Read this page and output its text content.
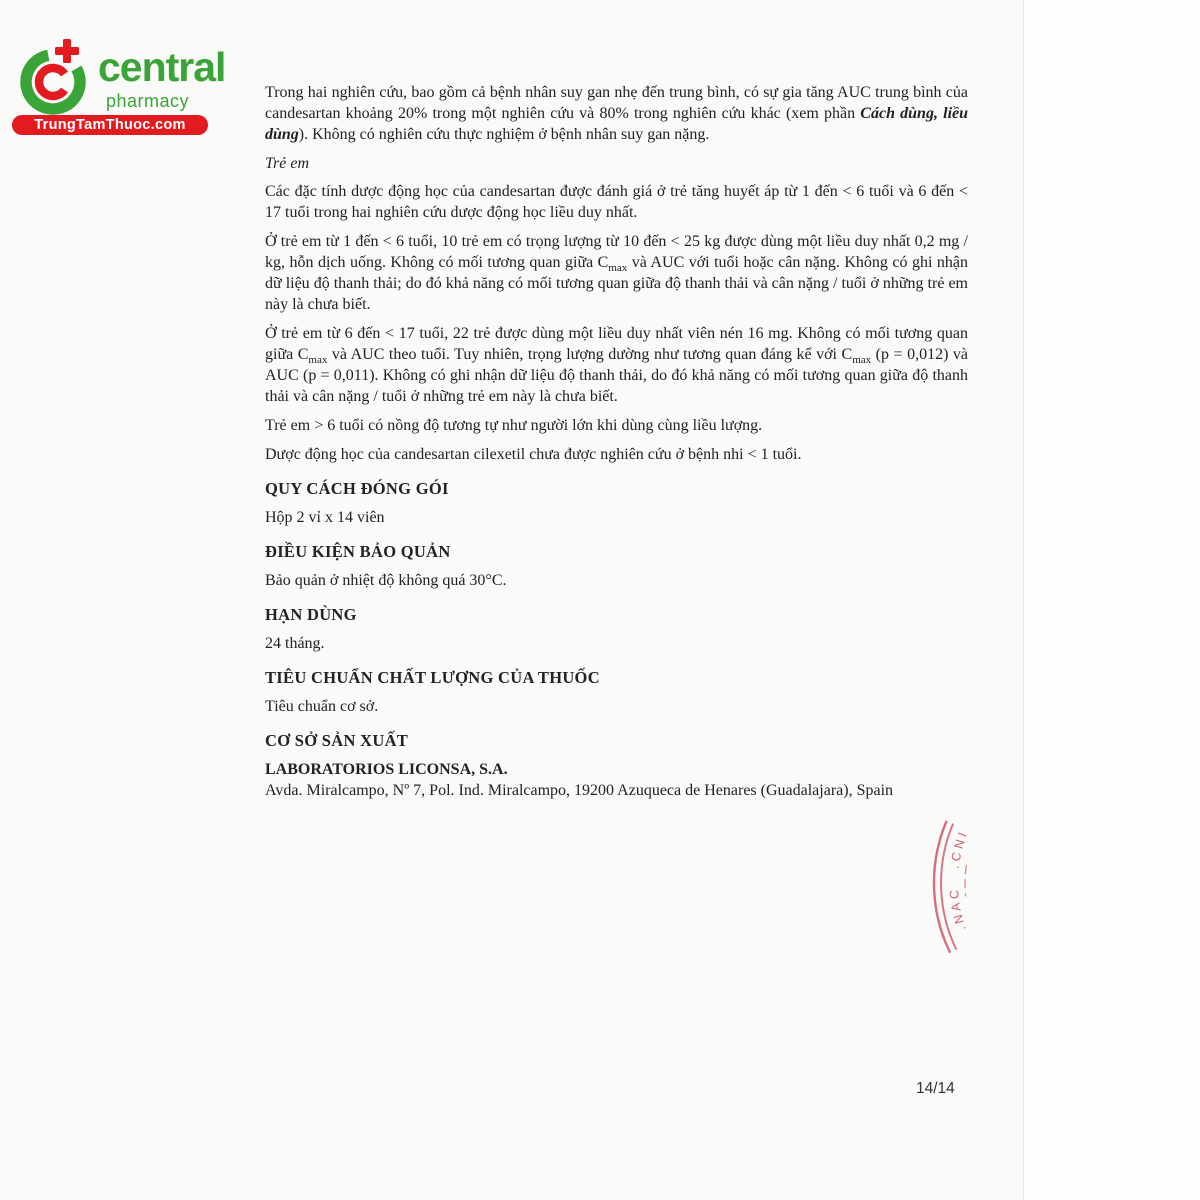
central
pharmacy
TrungTamThuoc.com

Trong hai nghiên cứu, bao gồm cả bệnh nhân suy gan nhẹ đến trung bình, có sự gia tăng AUC trung bình của candesartan khoảng 20% trong một nghiên cứu và 80% trong nghiên cứu khác (xem phần Cách dùng, liều dùng). Không có nghiên cứu thực nghiệm ở bệnh nhân suy gan nặng.

Trẻ em

Các đặc tính dược động học của candesartan được đánh giá ở trẻ tăng huyết áp từ 1 đến < 6 tuổi và 6 đến < 17 tuổi trong hai nghiên cứu dược động học liều duy nhất.

Ở trẻ em từ 1 đến < 6 tuổi, 10 trẻ em có trọng lượng từ 10 đến < 25 kg được dùng một liều duy nhất 0,2 mg / kg, hỗn dịch uống. Không có mối tương quan giữa $C_{max}$ và AUC với tuổi hoặc cân nặng. Không có ghi nhận dữ liệu độ thanh thải; do đó khả năng có mối tương quan giữa độ thanh thải và cân nặng / tuổi ở những trẻ em này là chưa biết.

Ở trẻ em từ 6 đến < 17 tuổi, 22 trẻ được dùng một liều duy nhất viên nén 16 mg. Không có mối tương quan giữa $C_{max}$ và AUC theo tuổi. Tuy nhiên, trọng lượng dường như tương quan đáng kể với $C_{max}$ (p = 0,012) và AUC (p = 0,011). Không có ghi nhận dữ liệu độ thanh thải, do đó khả năng có mối tương quan giữa độ thanh thải và cân nặng / tuổi ở những trẻ em này là chưa biết.

Trẻ em > 6 tuổi có nồng độ tương tự như người lớn khi dùng cùng liều lượng.

Dược động học của candesartan cilexetil chưa được nghiên cứu ở bệnh nhi < 1 tuổi.

QUY CÁCH ĐÓNG GÓI

Hộp 2 vỉ x 14 viên

ĐIỀU KIỆN BẢO QUẢN

Bảo quản ở nhiệt độ không quá 30°C.

HẠN DÙNG

24 tháng.

TIÊU CHUẨN CHẤT LƯỢNG CỦA THUỐC

Tiêu chuẩn cơ sở.

CƠ SỞ SẢN XUẤT

LABORATORIOS LICONSA, S.A.

Avda. Miralcampo, Nº 7, Pol. Ind. Miralcampo, 19200 Azuqueca de Henares (Guadalajara), Spain

.CNI
.NAC
14/14
